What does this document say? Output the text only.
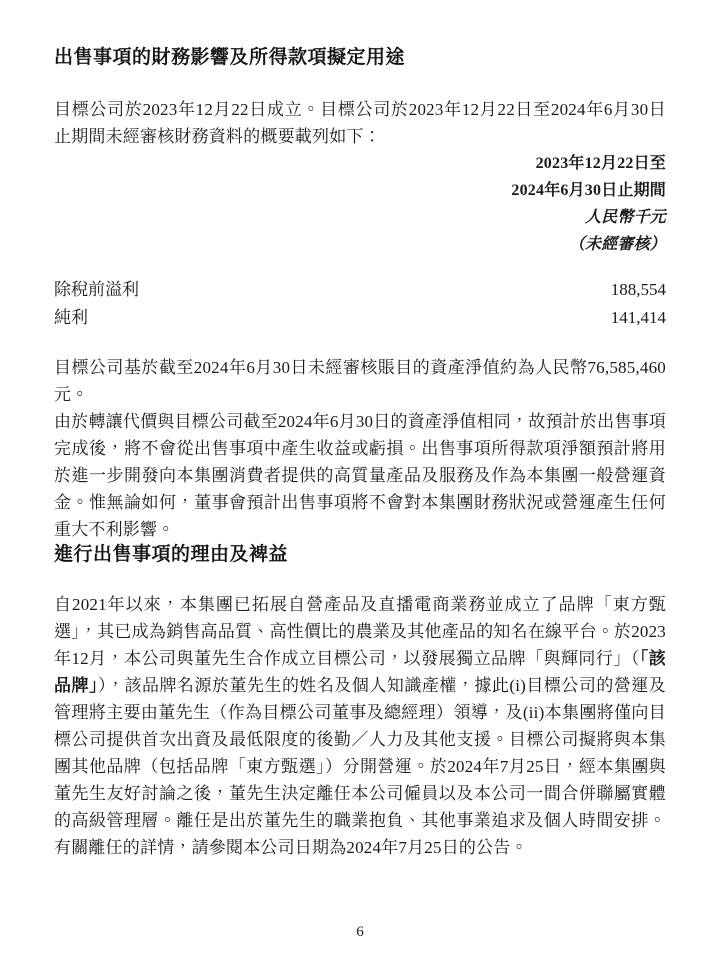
出售事項的財務影響及所得款項擬定用途

目標公司於2023年12月22日成立。目標公司於2023年12月22日至2024年6月30日止期間未經審核財務資料的概要載列如下：

2023年12月22日至
2024年6月30日止期間
人民幣千元
（未經審核）
除稅前溢利	188,554
純利	141,414

目標公司基於截至2024年6月30日未經審核賬目的資產淨值約為人民幣76,585,460元。

由於轉讓代價與目標公司截至2024年6月30日的資產淨值相同，故預計於出售事項完成後，將不會從出售事項中產生收益或虧損。出售事項所得款項淨額預計將用於進一步開發向本集團消費者提供的高質量產品及服務及作為本集團一般營運資金。惟無論如何，董事會預計出售事項將不會對本集團財務狀況或營運產生任何重大不利影響。

進行出售事項的理由及裨益

自2021年以來，本集團已拓展自營產品及直播電商業務並成立了品牌「東方甄選」，其已成為銷售高品質、高性價比的農業及其他產品的知名在線平台。於2023年12月，本公司與董先生合作成立目標公司，以發展獨立品牌「與輝同行」（「該品牌」），該品牌名源於董先生的姓名及個人知識產權，據此(i)目標公司的營運及管理將主要由董先生（作為目標公司董事及總經理）領導，及(ii)本集團將僅向目標公司提供首次出資及最低限度的後勤／人力及其他支援。目標公司擬將與本集團其他品牌（包括品牌「東方甄選」）分開營運。於2024年7月25日，經本集團與董先生友好討論之後，董先生決定離任本公司僱員以及本公司一間合併聯屬實體的高級管理層。離任是出於董先生的職業抱負、其他事業追求及個人時間安排。有關離任的詳情，請參閱本公司日期為2024年7月25日的公告。

6
